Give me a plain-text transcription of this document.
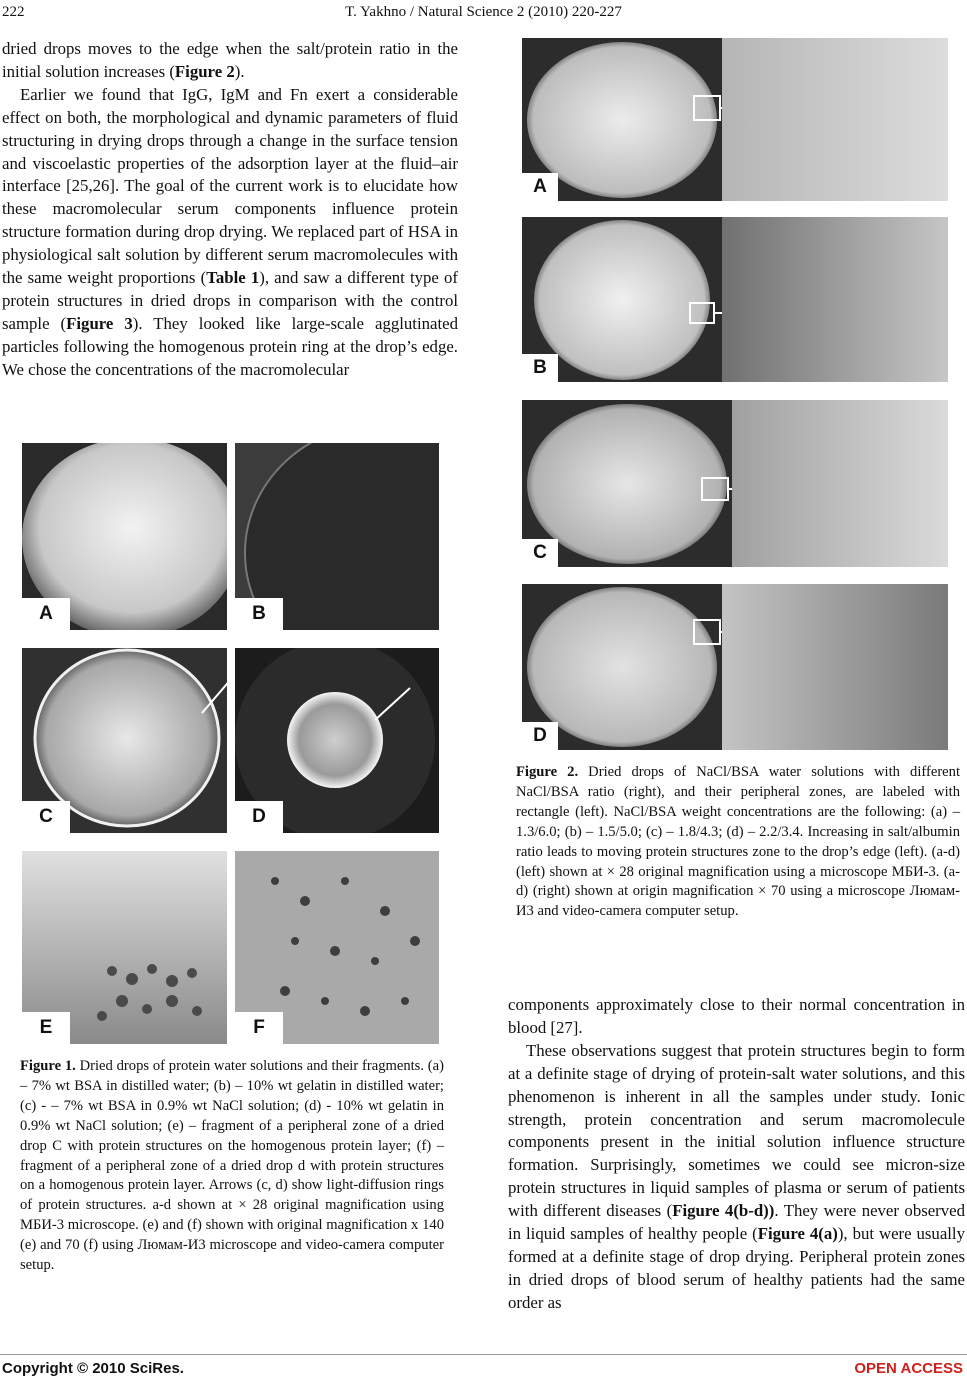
222	T. Yakhno / Natural Science 2 (2010) 220-227

dried drops moves to the edge when the salt/protein ratio in the initial solution increases (Figure 2).

Earlier we found that IgG, IgM and Fn exert a considerable effect on both, the morphological and dynamic parameters of fluid structuring in drying drops through a change in the surface tension and viscoelastic properties of the adsorption layer at the fluid–air interface [25,26]. The goal of the current work is to elucidate how these macromolecular serum components influence protein structure formation during drop drying. We replaced part of HSA in physiological salt solution by different serum macromolecules with the same weight proportions (Table 1), and saw a different type of protein structures in dried drops in comparison with the control sample (Figure 3). They looked like large-scale agglutinated particles following the homogenous protein ring at the drop’s edge. We chose the concentrations of the macromolecular

A	B
C	D
E	F
Figure 1. Dried drops of protein water solutions and their fragments. (a) – 7% wt BSA in distilled water; (b) – 10% wt gelatin in distilled water; (c) - – 7% wt BSA in 0.9% wt NaCl solution; (d) - 10% wt gelatin in 0.9% wt NaCl solution; (e) – fragment of a peripheral zone of a dried drop C with protein structures on the homogenous protein layer; (f) – fragment of a peripheral zone of a dried drop d with protein structures on a homogenous protein layer. Arrows (c, d) show light-diffusion rings of protein structures. a-d shown at × 28 original magnification using МБИ-3 microscope. (e) and (f) shown with original magnification x 140 (e) and 70 (f) using Люмам-И3 microscope and video-camera computer setup.
A
B
C
D
Figure 2. Dried drops of NaCl/BSA water solutions with different NaCl/BSA ratio (right), and their peripheral zones, are labeled with rectangle (left). NaCl/BSA weight concentrations are the following: (a) – 1.3/6.0; (b) – 1.5/5.0; (c) – 1.8/4.3; (d) – 2.2/3.4. Increasing in salt/albumin ratio leads to moving protein structures zone to the drop’s edge (left). (a-d) (left) shown at × 28 original magnification using a microscope МБИ-3. (a-d) (right) shown at origin magnification × 70 using a microscope Люмам-И3 and video-camera computer setup.

components approximately close to their normal concentration in blood [27].

These observations suggest that protein structures begin to form at a definite stage of drying of protein-salt water solutions, and this phenomenon is inherent in all the samples under study. Ionic strength, protein concentration and serum macromolecule components present in the initial solution influence structure formation. Surprisingly, sometimes we could see micron-size protein structures in liquid samples of plasma or serum of patients with different diseases (Figure 4(b-d)). They were never observed in liquid samples of healthy people (Figure 4(a)), but were usually formed at a definite stage of drop drying. Peripheral protein zones in dried drops of blood serum of healthy patients had the same order as

Copyright © 2010 SciRes.	OPEN ACCESS
